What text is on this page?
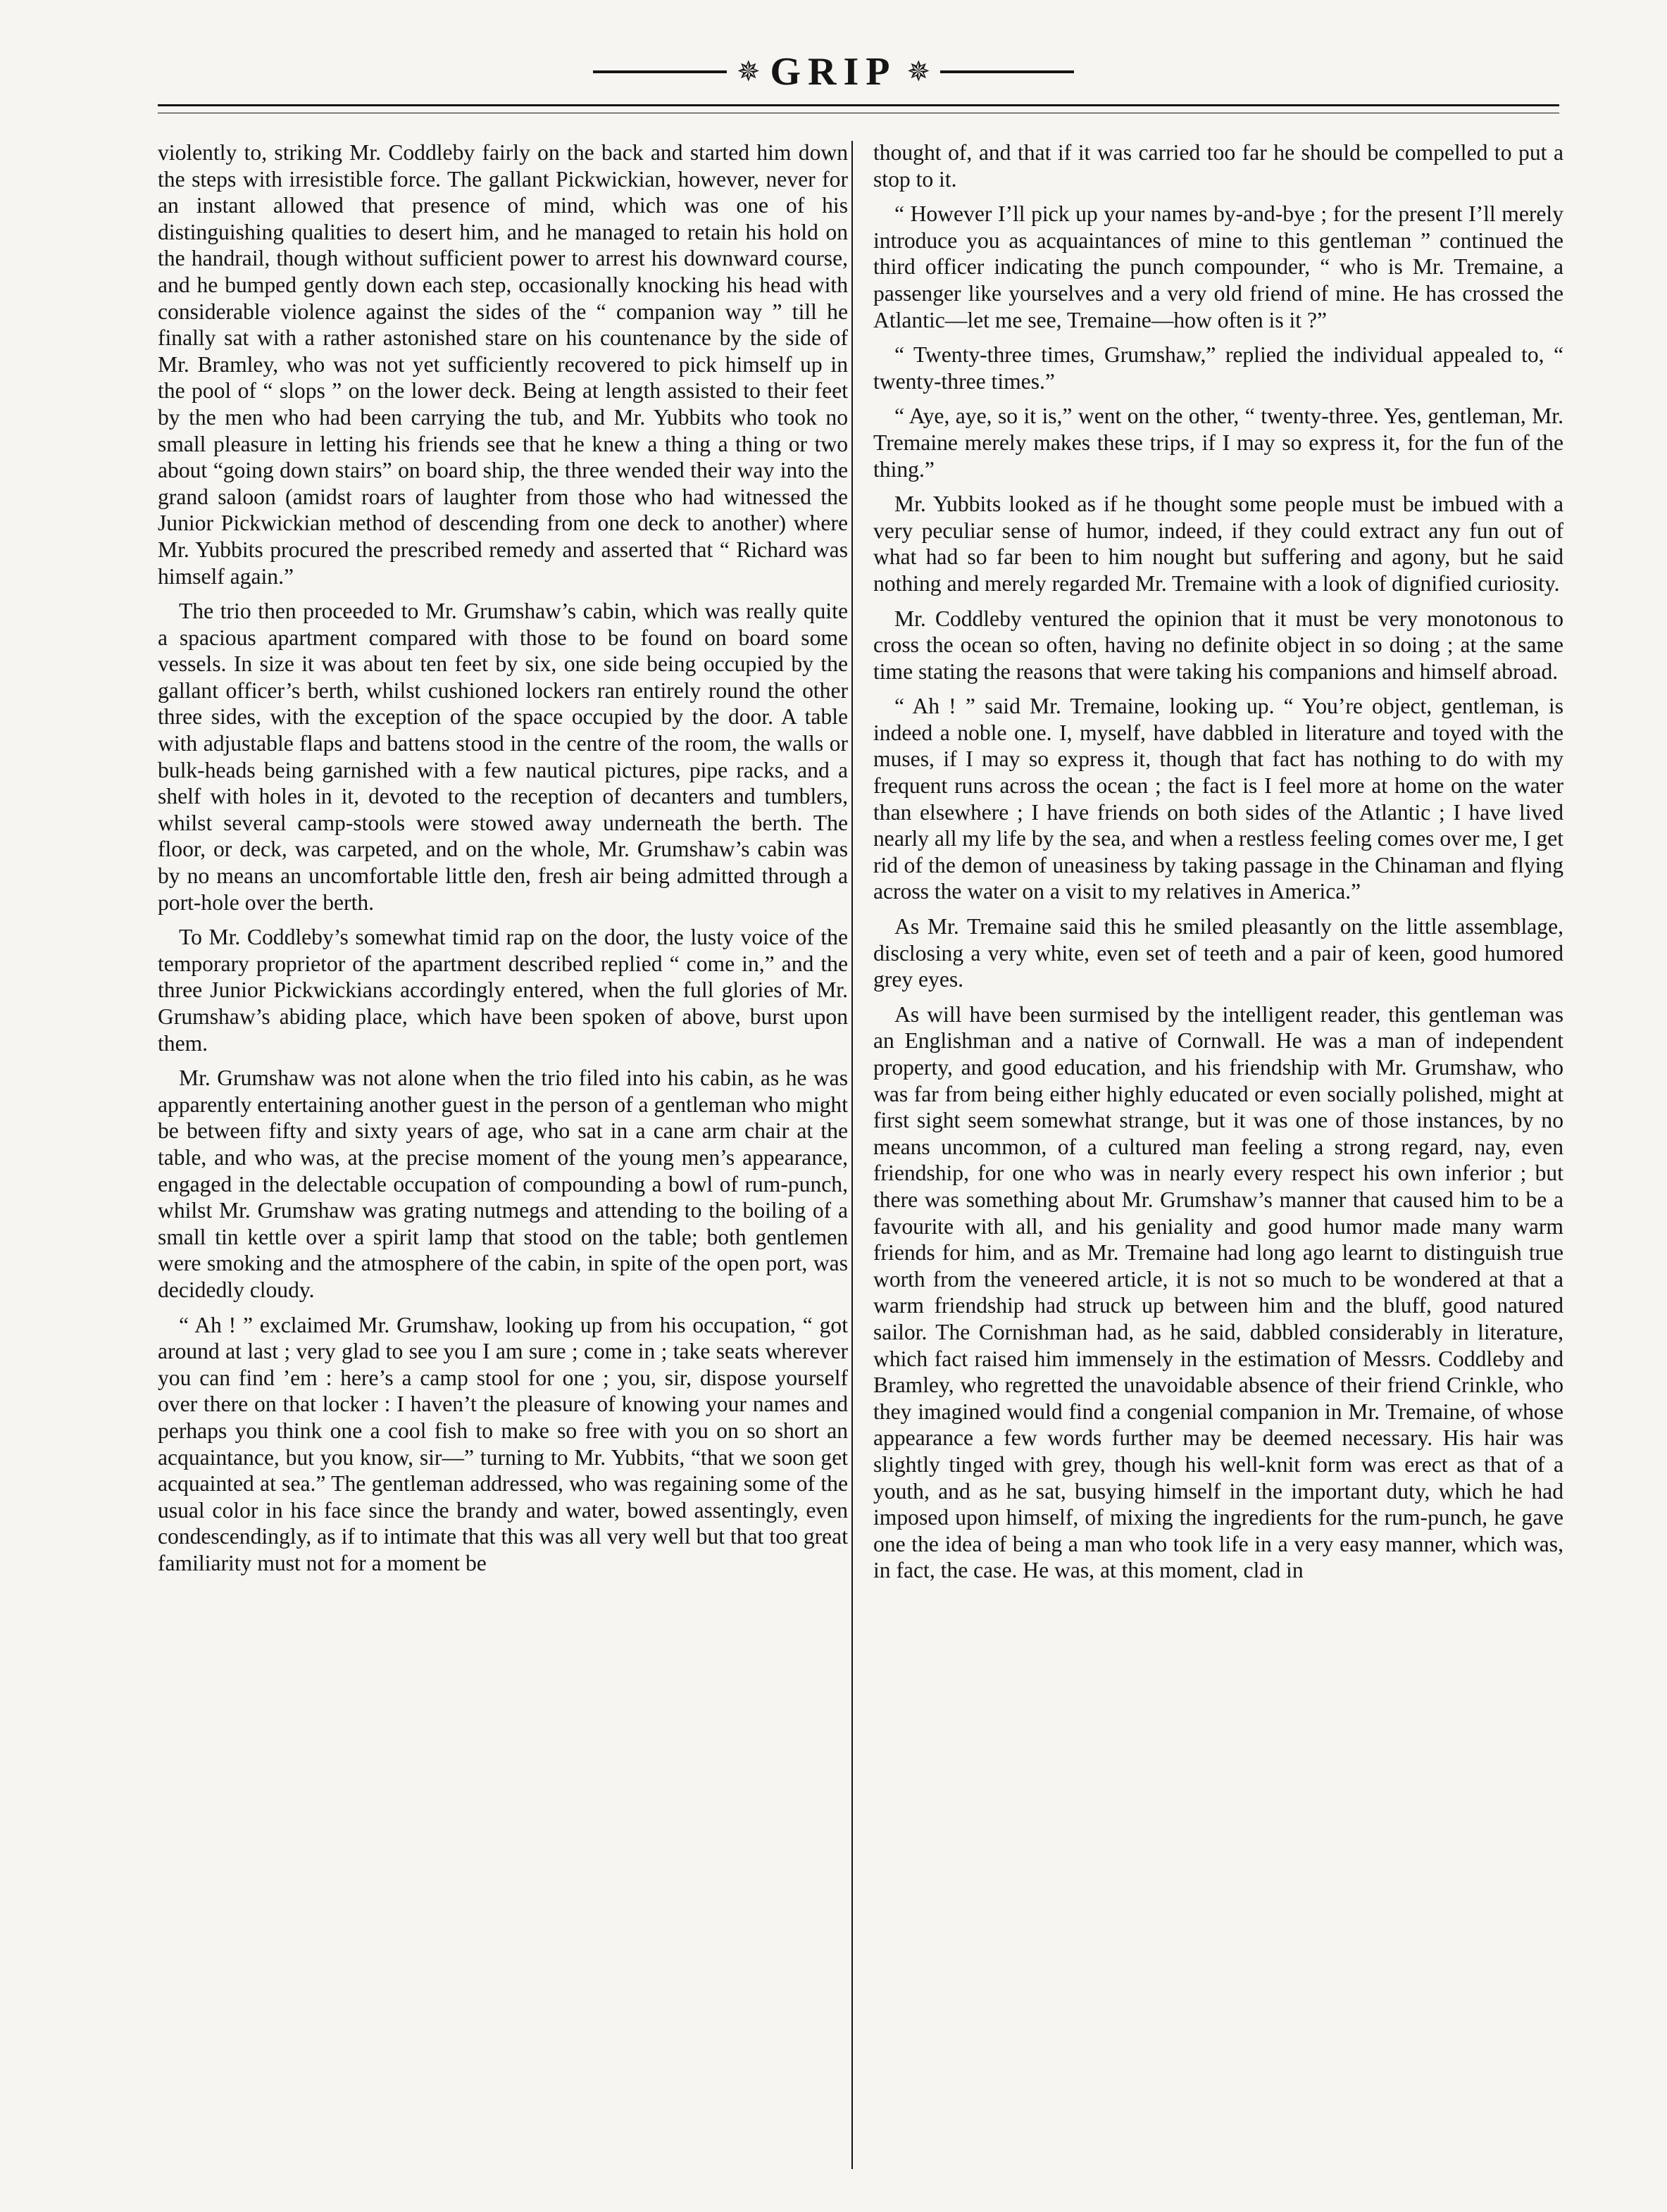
✵ GRIP ✵

violently to, striking Mr. Coddleby fairly on the back and started him down the steps with irresistible force. The gallant Pickwickian, however, never for an instant allowed that presence of mind, which was one of his distinguishing qualities to desert him, and he managed to retain his hold on the handrail, though without sufficient power to arrest his downward course, and he bumped gently down each step, occasionally knocking his head with considerable violence against the sides of the “ companion way ” till he finally sat with a rather astonished stare on his countenance by the side of Mr. Bramley, who was not yet sufficiently recovered to pick himself up in the pool of “ slops ” on the lower deck. Being at length assisted to their feet by the men who had been carrying the tub, and Mr. Yubbits who took no small pleasure in letting his friends see that he knew a thing a thing or two about “going down stairs” on board ship, the three wended their way into the grand saloon (amidst roars of laughter from those who had witnessed the Junior Pickwickian method of descending from one deck to another) where Mr. Yubbits procured the prescribed remedy and asserted that “ Richard was himself again.”

The trio then proceeded to Mr. Grumshaw’s cabin, which was really quite a spacious apartment compared with those to be found on board some vessels. In size it was about ten feet by six, one side being occupied by the gallant officer’s berth, whilst cushioned lockers ran entirely round the other three sides, with the exception of the space occupied by the door. A table with adjustable flaps and battens stood in the centre of the room, the walls or bulk-heads being garnished with a few nautical pictures, pipe racks, and a shelf with holes in it, devoted to the reception of decanters and tumblers, whilst several camp-stools were stowed away underneath the berth. The floor, or deck, was carpeted, and on the whole, Mr. Grumshaw’s cabin was by no means an uncomfortable little den, fresh air being admitted through a port-hole over the berth.

To Mr. Coddleby’s somewhat timid rap on the door, the lusty voice of the temporary proprietor of the apartment described replied “ come in,” and the three Junior Pickwickians accordingly entered, when the full glories of Mr. Grumshaw’s abiding place, which have been spoken of above, burst upon them.

Mr. Grumshaw was not alone when the trio filed into his cabin, as he was apparently entertaining another guest in the person of a gentleman who might be between fifty and sixty years of age, who sat in a cane arm chair at the table, and who was, at the precise moment of the young men’s appearance, engaged in the delectable occupation of compounding a bowl of rum-punch, whilst Mr. Grumshaw was grating nutmegs and attending to the boiling of a small tin kettle over a spirit lamp that stood on the table; both gentlemen were smoking and the atmosphere of the cabin, in spite of the open port, was decidedly cloudy.

“ Ah ! ” exclaimed Mr. Grumshaw, looking up from his occupation, “ got around at last ; very glad to see you I am sure ; come in ; take seats wherever you can find ’em : here’s a camp stool for one ; you, sir, dispose yourself over there on that locker : I haven’t the pleasure of knowing your names and perhaps you think one a cool fish to make so free with you on so short an acquaintance, but you know, sir—” turning to Mr. Yubbits, “that we soon get acquainted at sea.” The gentleman addressed, who was regaining some of the usual color in his face since the brandy and water, bowed assentingly, even condescendingly, as if to intimate that this was all very well but that too great familiarity must not for a moment be

thought of, and that if it was carried too far he should be compelled to put a stop to it.

“ However I’ll pick up your names by-and-bye ; for the present I’ll merely introduce you as acquaintances of mine to this gentleman ” continued the third officer indicating the punch compounder, “ who is Mr. Tremaine, a passenger like yourselves and a very old friend of mine. He has crossed the Atlantic—let me see, Tremaine—how often is it ?”

“ Twenty-three times, Grumshaw,” replied the individual appealed to, “ twenty-three times.”

“ Aye, aye, so it is,” went on the other, “ twenty-three. Yes, gentleman, Mr. Tremaine merely makes these trips, if I may so express it, for the fun of the thing.”

Mr. Yubbits looked as if he thought some people must be imbued with a very peculiar sense of humor, indeed, if they could extract any fun out of what had so far been to him nought but suffering and agony, but he said nothing and merely regarded Mr. Tremaine with a look of dignified curiosity.

Mr. Coddleby ventured the opinion that it must be very monotonous to cross the ocean so often, having no definite object in so doing ; at the same time stating the reasons that were taking his companions and himself abroad.

“ Ah ! ” said Mr. Tremaine, looking up. “ You’re object, gentleman, is indeed a noble one. I, myself, have dabbled in literature and toyed with the muses, if I may so express it, though that fact has nothing to do with my frequent runs across the ocean ; the fact is I feel more at home on the water than elsewhere ; I have friends on both sides of the Atlantic ; I have lived nearly all my life by the sea, and when a restless feeling comes over me, I get rid of the demon of uneasiness by taking passage in the Chinaman and flying across the water on a visit to my relatives in America.”

As Mr. Tremaine said this he smiled pleasantly on the little assemblage, disclosing a very white, even set of teeth and a pair of keen, good humored grey eyes.

As will have been surmised by the intelligent reader, this gentleman was an Englishman and a native of Cornwall. He was a man of independent property, and good education, and his friendship with Mr. Grumshaw, who was far from being either highly educated or even socially polished, might at first sight seem somewhat strange, but it was one of those instances, by no means uncommon, of a cultured man feeling a strong regard, nay, even friendship, for one who was in nearly every respect his own inferior ; but there was something about Mr. Grumshaw’s manner that caused him to be a favourite with all, and his geniality and good humor made many warm friends for him, and as Mr. Tremaine had long ago learnt to distinguish true worth from the veneered article, it is not so much to be wondered at that a warm friendship had struck up between him and the bluff, good natured sailor. The Cornishman had, as he said, dabbled considerably in literature, which fact raised him immensely in the estimation of Messrs. Coddleby and Bramley, who regretted the unavoidable absence of their friend Crinkle, who they imagined would find a congenial companion in Mr. Tremaine, of whose appearance a few words further may be deemed necessary. His hair was slightly tinged with grey, though his well-knit form was erect as that of a youth, and as he sat, busying himself in the important duty, which he had imposed upon himself, of mixing the ingredients for the rum-punch, he gave one the idea of being a man who took life in a very easy manner, which was, in fact, the case. He was, at this moment, clad in
